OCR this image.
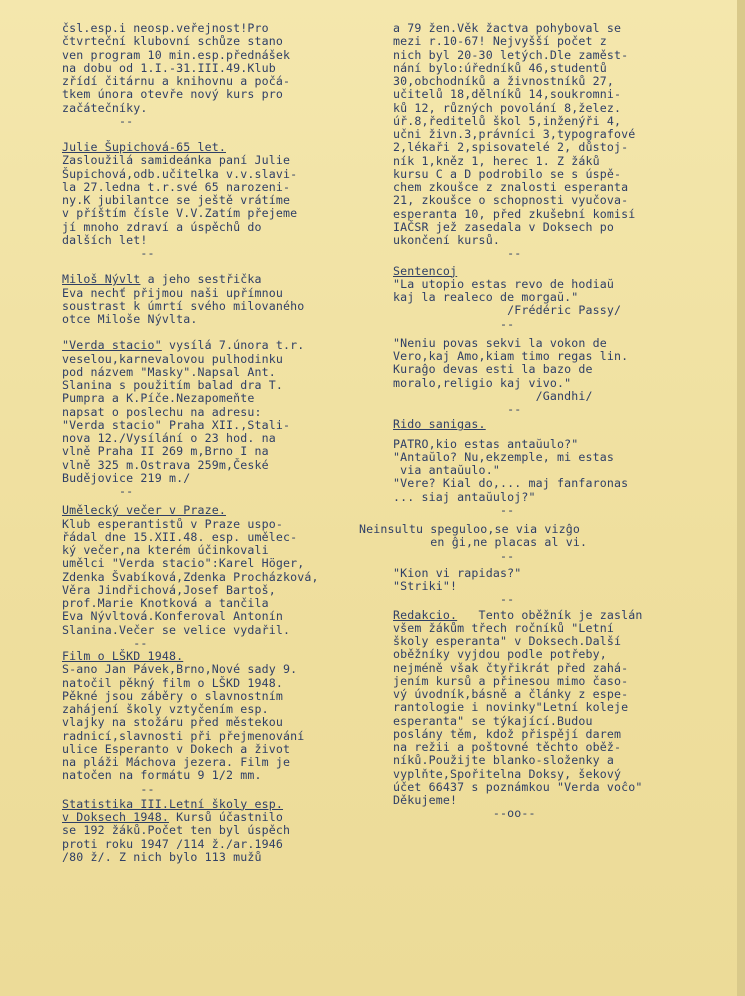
čsl.esp.i neosp.veřejnost!Pro
čtvrteční klubovní schůze stano
ven program 10 min.esp.přednášek
na dobu od 1.I.-31.III.49.Klub
zřídí čitárnu a knihovnu a počá-
tkem února otevře nový kurs pro
začátečníky.
--
Julie Šupichová-65 let.
Zasloužilá samideánka paní Julie
Šupichová,odb.učitelka v.v.slavi-
la 27.ledna t.r.své 65 narozeni-
ny.K jubilantce se ještě vrátíme
v příštím čísle V.V.Zatím přejeme
jí mnoho zdraví a úspěchů do
dalších let!
--
Miloš Nývlt a jeho sestřička
Eva nechť přijmou naši upřímnou
soustrast k úmrtí svého milovaného
otce Miloše Nývlta.
"Verda stacio" vysílá 7.února t.r.
veselou,karnevalovou pulhodinku
pod názvem "Masky".Napsal Ant.
Slanina s použitím balad dra T.
Pumpra a K.Píče.Nezapomeňte
napsat o poslechu na adresu:
"Verda stacio" Praha XII.,Stali-
nova 12./Vysílání o 23 hod. na
vlně Praha II 269 m,Brno I na
vlně 325 m.Ostrava 259m,České
Budějovice 219 m./
--
Umělecký večer v Praze.
Klub esperantistů v Praze uspo-
řádal dne 15.XII.48. esp. umělec-
ký večer,na kterém účinkovali
umělci "Verda stacio":Karel Höger,
Zdenka Švabíková,Zdenka Procházková,
Věra Jindřichová,Josef Bartoš,
prof.Marie Knotková a tančila
Eva Nývltová.Konferoval Antonín
Slanina.Večer se velice vydařil.
--
Film o LŠKD 1948.
S-ano Jan Pávek,Brno,Nové sady 9.
natočil pěkný film o LŠKD 1948.
Pěkné jsou záběry o slavnostním
zahájení školy vztyčením esp.
vlajky na stožáru před městekou
radnicí,slavnosti při přejmenování
ulice Esperanto v Dokech a život
na pláži Máchova jezera. Film je
natočen na formátu 9 1/2 mm.
--
Statistika III.Letní školy esp.
v Doksech 1948. Kursů účastnilo
se 192 žáků.Počet ten byl úspěch
proti roku 1947 /114 ž./ar.1946
/80 ž/. Z nich bylo 113 mužů
a 79 žen.Věk žactva pohyboval se
mezi r.10-67! Nejvyšší počet z
nich byl 20-30 letých.Dle zaměst-
nání bylo:úředníků 46,studentů
30,obchodníků a živnostníků 27,
učitelů 18,dělníků 14,soukromni-
ků 12, různých povolání 8,želez.
úř.8,ředitelů škol 5,inženýři 4,
učni živn.3,právníci 3,typografové
2,lékaři 2,spisovatelé 2, důstoj-
ník 1,kněz 1, herec 1. Z žáků
kursu C a D podrobilo se s úspě-
chem zkoušce z znalosti esperanta
21, zkoušce o schopnosti vyučova-
esperanta 10, před zkušební komisí
IAČSR jež zasedala v Doksech po
ukončení kursů.
--
Sentencoj
"La utopio estas revo de hodiaŭ
kaj la realeco de morgaŭ."
/Frédéric Passy/
--
"Neniu povas sekvi la vokon de
Vero,kaj Amo,kiam timo regas lin.
Kuraĝo devas esti la bazo de
moralo,religio kaj vivo."
/Gandhi/
--
Rido sanigas.
PATRO,kio estas antaŭulo?"
"Antaŭlo? Nu,ekzemple, mi estas
via antaŭulo."
"Vere? Kial do,... maj fanfaronas
... siaj antaŭuloj?"
--
Neinsultu speguloo,se via vizĝo
en ĝi,ne placas al vi.
--
"Kion vi rapidas?"
"Striki"!
--
Redakcio.   Tento oběžník je zaslán
všem žákům třech ročníků "Letní
školy esperanta" v Doksech.Další
oběžníky vyjdou podle potřeby,
nejméně však čtyřikrát před zahá-
jením kursů a přinesou mimo časo-
vý úvodník,básně a články z espe-
rantologie i novinky"Letní koleje
esperanta" se týkající.Budou
poslány těm, kdož přispějí darem
na režii a poštovné těchto oběž-
níků.Použijte blanko-složenky a
vyplňte,Spořitelna Doksy, šekový
účet 66437 s poznámkou "Verda voĉo"
Děkujeme!
--oo--
